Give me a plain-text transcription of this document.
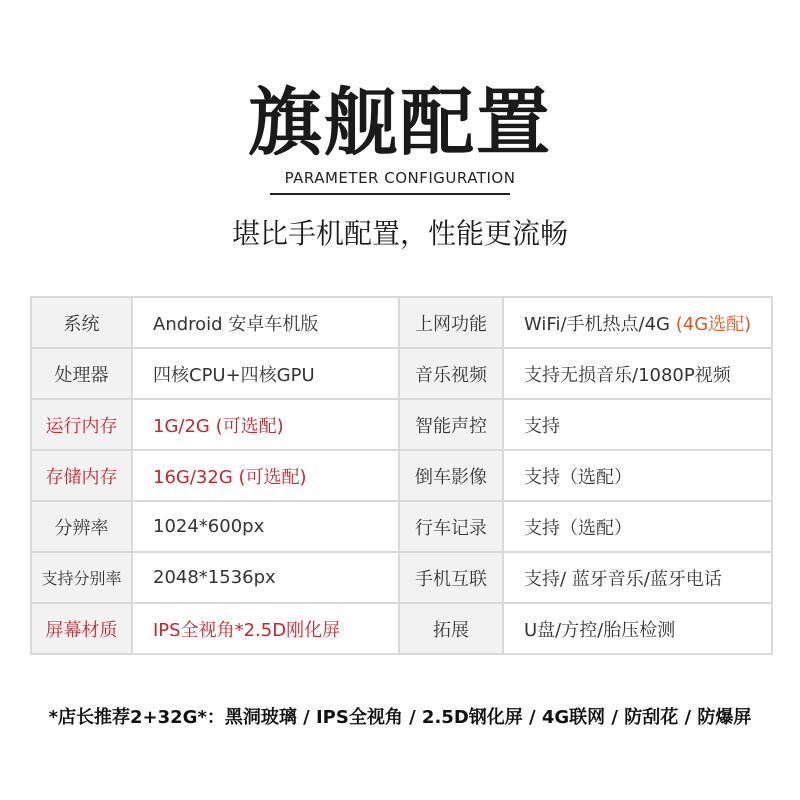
旗舰配置
PARAMETER CONFIGURATION
堪比手机配置，性能更流畅
系统	Android 安卓车机版	上网功能	WiFi/手机热点/4G (4G选配)
处理器	四核CPU+四核GPU	音乐视频	支持无损音乐/1080P视频
运行内存	1G/2G (可选配)	智能声控	支持
存储内存	16G/32G (可选配)	倒车影像	支持（选配）
分辨率	1024*600px	行车记录	支持（选配）
支持分别率	2048*1536px	手机互联	支持/ 蓝牙音乐/蓝牙电话
屏幕材质	IPS全视角*2.5D刚化屏	拓展	U盘/方控/胎压检测
*店长推荐2+32G*：黑洞玻璃 / IPS全视角 / 2.5D钢化屏 / 4G联网 / 防刮花 / 防爆屏
